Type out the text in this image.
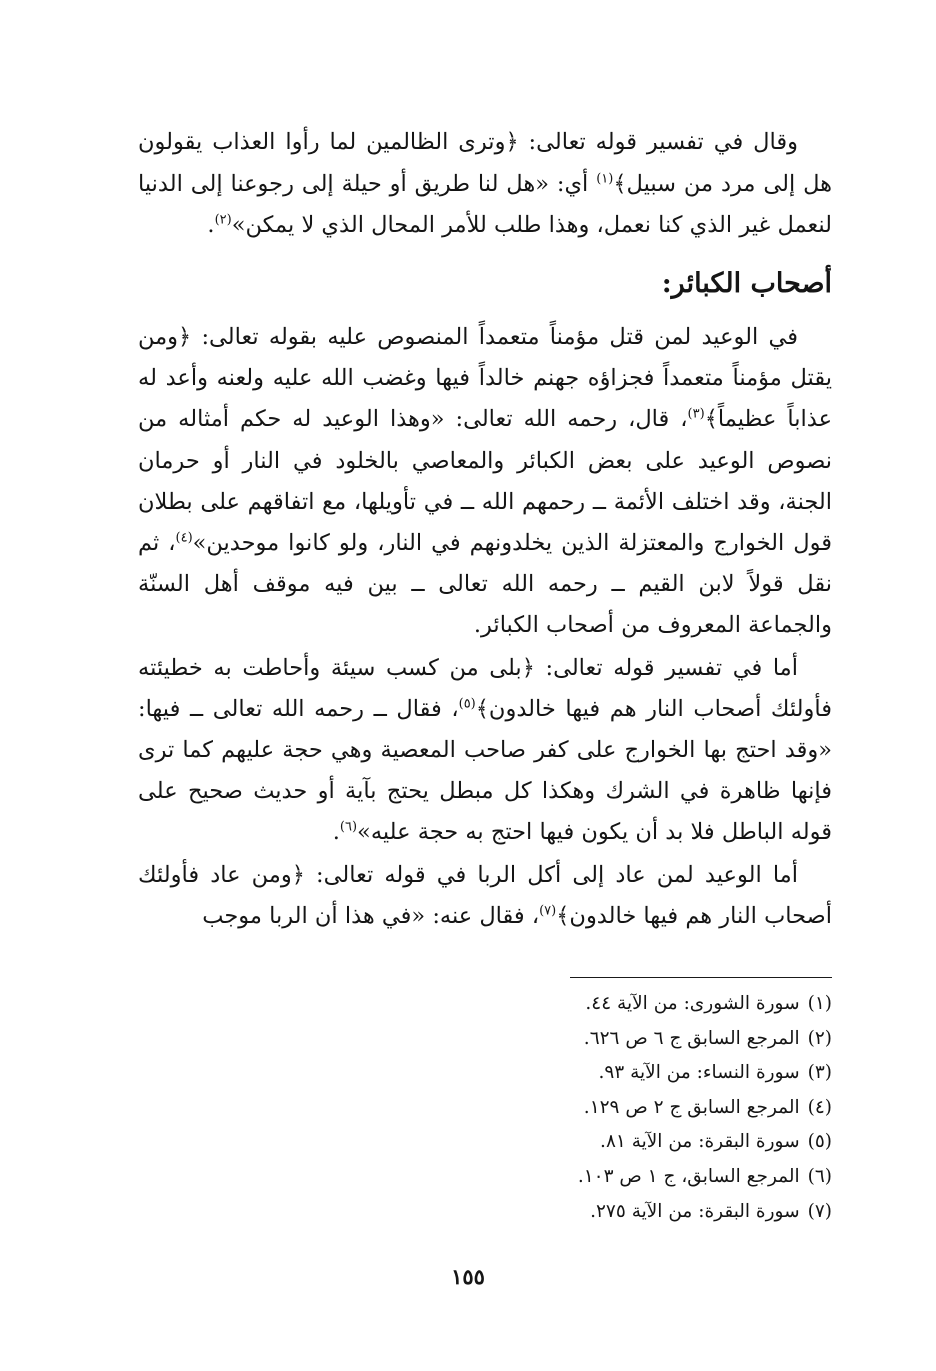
وقال في تفسير قوله تعالى: ﴿وترى الظالمين لما رأوا العذاب يقولون هل إلى مرد من سبيل﴾$^{(١)}$ أي: «هل لنا طريق أو حيلة إلى رجوعنا إلى الدنيا لنعمل غير الذي كنا نعمل، وهذا طلب للأمر المحال الذي لا يمكن»$^{(٢)}$.

أصحاب الكبائر:

في الوعيد لمن قتل مؤمناً متعمداً المنصوص عليه بقوله تعالى: ﴿ومن يقتل مؤمناً متعمداً فجزاؤه جهنم خالداً فيها وغضب الله عليه ولعنه وأعد له عذاباً عظيماً﴾$^{(٣)}$، قال، رحمه الله تعالى: «وهذا الوعيد له حكم أمثاله من نصوص الوعيد على بعض الكبائر والمعاصي بالخلود في النار أو حرمان الجنة، وقد اختلف الأئمة ــ رحمهم الله ــ في تأويلها، مع اتفاقهم على بطلان قول الخوارج والمعتزلة الذين يخلدونهم في النار، ولو كانوا موحدين»$^{(٤)}$، ثم نقل قولاً لابن القيم ــ رحمه الله تعالى ــ بين فيه موقف أهل السنّة والجماعة المعروف من أصحاب الكبائر.

أما في تفسير قوله تعالى: ﴿بلى من كسب سيئة وأحاطت به خطيئته فأولئك أصحاب النار هم فيها خالدون﴾$^{(٥)}$، فقال ــ رحمه الله تعالى ــ فيها: «وقد احتج بها الخوارج على كفر صاحب المعصية وهي حجة عليهم كما ترى فإنها ظاهرة في الشرك وهكذا كل مبطل يحتج بآية أو حديث صحيح على قوله الباطل فلا بد أن يكون فيها احتج به حجة عليه»$^{(٦)}$.

أما الوعيد لمن عاد إلى أكل الربا في قوله تعالى: ﴿ومن عاد فأولئك أصحاب النار هم فيها خالدون﴾$^{(٧)}$، فقال عنه: «في هذا أن الربا موجب

(١)سورة الشورى: من الآية ٤٤.
(٢)المرجع السابق ج ٦ ص ٦٢٦.
(٣)سورة النساء: من الآية ٩٣.
(٤)المرجع السابق ج ٢ ص ١٢٩.
(٥)سورة البقرة: من الآية ٨١.
(٦)المرجع السابق، ج ١ ص ١٠٣.
(٧)سورة البقرة: من الآية ٢٧٥.
١٥٥
